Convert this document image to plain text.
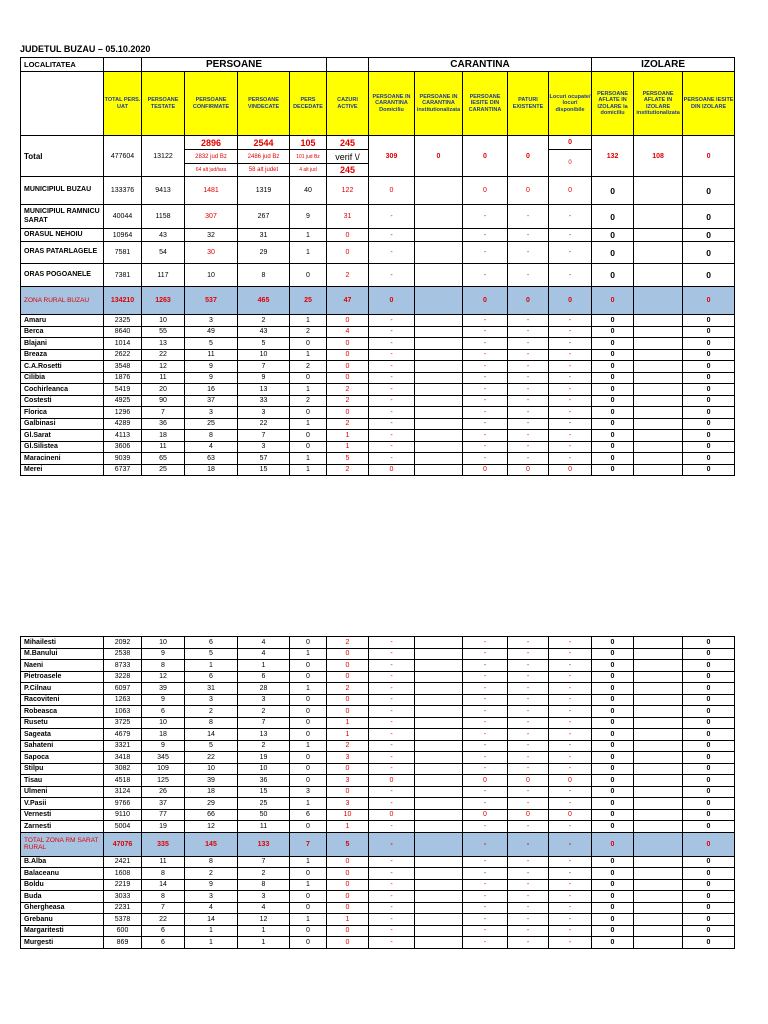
JUDETUL BUZAU – 05.10.2020
LOCALITATEA		PERSOANE					CARANTINA					IZOLARE		
	TOTAL PERS. UAT	PERSOANE TESTATE	PERSOANE CONFIRMATE	PERSOANE VINDECATE	PERS DECEDATE	CAZURI ACTIVE	PERSOANE IN CARANTINA Domiciliu	PERSOANE IN CARANTINA institutionalizata	PERSOANE IESITE DIN CARANTINA	PATURI EXISTENTE	Locuri ocupate/ locuri disponibile	PERSOANE AFLATE IN IZOLARE la domiciliu	PERSOANE AFLATE IN IZOLARE institutionalizata	PERSOANE IESITE DIN IZOLARE
Total	477604	13122	2896	2544	105	245	309	0	0	0	0	132	108	0
			2832 jud Bz	2486 jud Bz	101 jud Bz	verif \/					0			
			64 alt jud/tara	58 alt judet	4 alt jud	245								
MUNICIPIUL BUZAU	133376	9413	1481	1319	40	122	0		0	0	0	0		0
MUNICIPIUL RAMNICU SARAT	40044	1158	307	267	9	31	-		-	-	-	0		0
ORASUL NEHOIU	10964	43	32	31	1	0	-		-	-	-	0		0
ORAS PATARLAGELE	7581	54	30	29	1	0	-		-	-	-	0		0
ORAS POGOANELE	7381	117	10	8	0	2	-		-	-	-	0		0
ZONA RURAL BUZAU	134210	1263	537	465	25	47	0		0	0	0	0		0
Amaru	2325	10	3	2	1	0	-		-	-	-	0		0
Berca	8640	55	49	43	2	4	-		-	-	-	0		0
Blajani	1014	13	5	5	0	0	-		-	-	-	0		0
Breaza	2622	22	11	10	1	0	-		-	-	-	0		0
C.A.Rosetti	3548	12	9	7	2	0	-		-	-	-	0		0
Cilibia	1876	11	9	9	0	0	-		-	-	-	0		0
Cochirleanca	5419	20	16	13	1	2	-		-	-	-	0		0
Costesti	4925	90	37	33	2	2	-		-	-	-	0		0
Florica	1296	7	3	3	0	0	-		-	-	-	0		0
Galbinasi	4289	36	25	22	1	2	-		-	-	-	0		0
Gl.Sarat	4113	18	8	7	0	1	-		-	-	-	0		0
Gl.Silistea	3606	11	4	3	0	1	-		-	-	-	0		0
Maracineni	9039	65	63	57	1	5	-		-	-	-	0		0
Merei	6737	25	18	15	1	2	0		0	0	0	0		0
Mihailesti	2092	10	6	4	0	2	-		-	-	-	0		0
M.Banului	2538	9	5	4	1	0	-		-	-	-	0		0
Naeni	8733	8	1	1	0	0	-		-	-	-	0		0
Pietroasele	3228	12	6	6	0	0	-		-	-	-	0		0
P.Cilnau	6097	39	31	28	1	2	-		-	-	-	0		0
Racoviteni	1263	9	3	3	0	0	-		-	-	-	0		0
Robeasca	1063	6	2	2	0	0	-		-	-	-	0		0
Rusetu	3725	10	8	7	0	1	-		-	-	-	0		0
Sageata	4679	18	14	13	0	1	-		-	-	-	0		0
Sahateni	3321	9	5	2	1	2	-		-	-	-	0		0
Sapoca	3418	345	22	19	0	3	-		-	-	-	0		0
Stilpu	3082	109	10	10	0	0	-		-	-	-	0		0
Tisau	4518	125	39	36	0	3	0		0	0	0	0		0
Ulmeni	3124	26	18	15	3	0	-		-	-	-	0		0
V.Pasii	9766	37	29	25	1	3	-		-	-	-	0		0
Vernesti	9110	77	66	50	6	10	0		0	0	0	0		0
Zarnesti	5004	19	12	11	0	1	-		-	-	-	0		0
TOTAL ZONA RM SARAT RURAL	47076	335	145	133	7	5	-		-	-	-	0		0
B.Alba	2421	11	8	7	1	0	-		-	-	-	0		0
Balaceanu	1608	8	2	2	0	0	-		-	-	-	0		0
Boldu	2219	14	9	8	1	0	-		-	-	-	0		0
Buda	3033	8	3	3	0	0	-		-	-	-	0		0
Ghergheasa	2231	7	4	4	0	0	-		-	-	-	0		0
Grebanu	5378	22	14	12	1	1	-		-	-	-	0		0
Margaritesti	600	6	1	1	0	0	-		-	-	-	0		0
Murgesti	869	6	1	1	0	0	-		-	-	-	0		0
